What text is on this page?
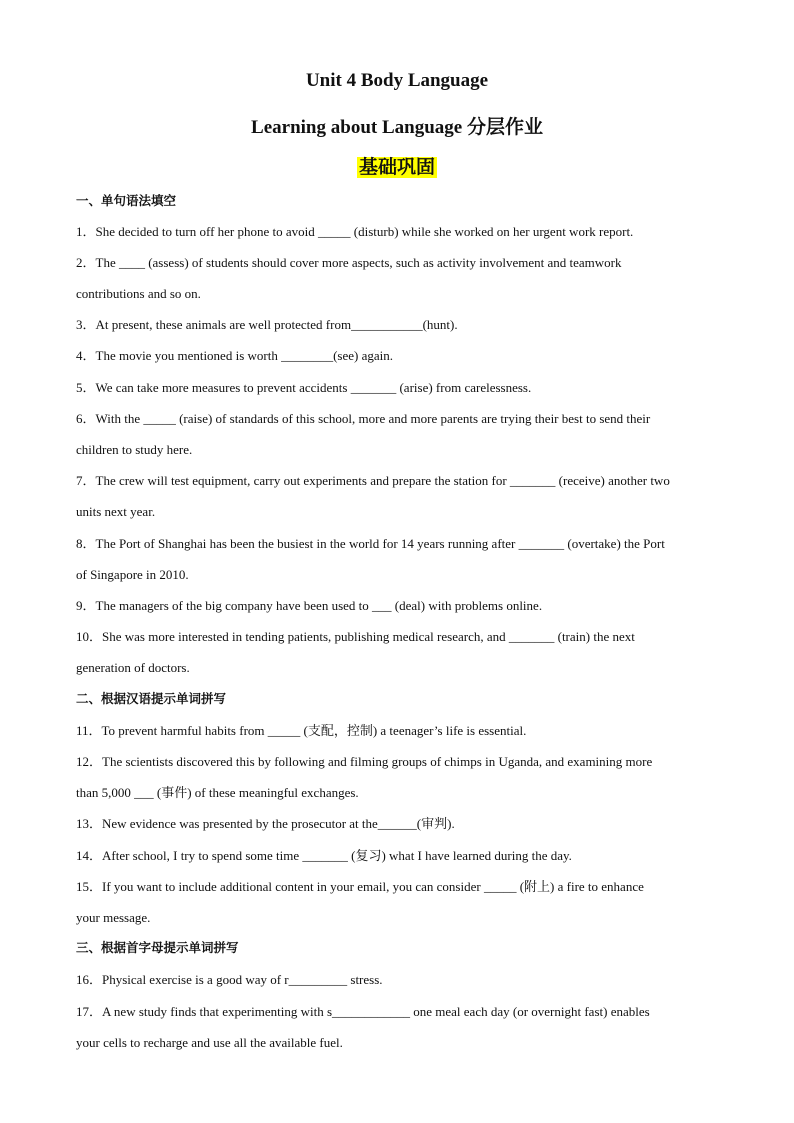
Unit 4 Body Language
Learning about Language 分层作业
基础巩固
一、单句语法填空
1．She decided to turn off her phone to avoid _____ (disturb) while she worked on her urgent work report.
2．The ____ (assess) of students should cover more aspects, such as activity involvement and teamwork
contributions and so on.
3．At present, these animals are well protected from___________(hunt).
4．The movie you mentioned is worth ________(see) again.
5．We can take more measures to prevent accidents _______ (arise) from carelessness.
6．With the _____ (raise) of standards of this school, more and more parents are trying their best to send their
children to study here.
7．The crew will test equipment, carry out experiments and prepare the station for _______ (receive) another two
units next year.
8．The Port of Shanghai has been the busiest in the world for 14 years running after _______ (overtake) the Port
of Singapore in 2010.
9．The managers of the big company have been used to ___ (deal) with problems online.
10．She was more interested in tending patients, publishing medical research, and _______ (train) the next
generation of doctors.
二、根据汉语提示单词拼写
11．To prevent harmful habits from _____ (支配，控制) a teenager’s life is essential.
12．The scientists discovered this by following and filming groups of chimps in Uganda, and examining more
than 5,000 ___ (事件) of these meaningful exchanges.
13．New evidence was presented by the prosecutor at the______(审判).
14．After school, I try to spend some time _______ (复习) what I have learned during the day.
15．If you want to include additional content in your email, you can consider _____ (附上) a fire to enhance
your message.
三、根据首字母提示单词拼写
16．Physical exercise is a good way of r_________ stress.
17．A new study finds that experimenting with s____________ one meal each day (or overnight fast) enables
your cells to recharge and use all the available fuel.
